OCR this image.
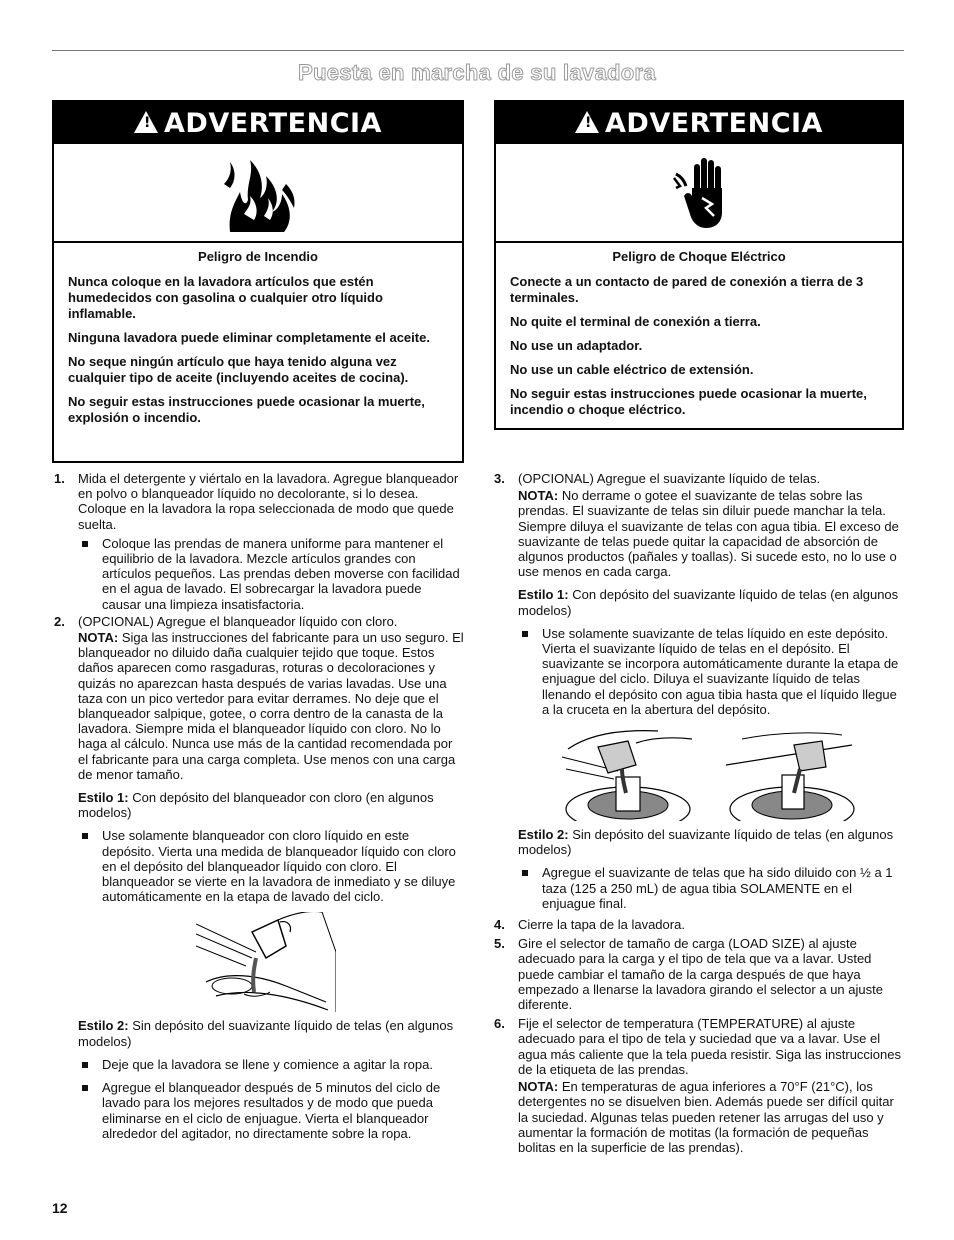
Puesta en marcha de su lavadora
! ADVERTENCIA

Peligro de Incendio

Nunca coloque en la lavadora artículos que estén humedecidos con gasolina o cualquier otro líquido inflamable.

Ninguna lavadora puede eliminar completamente el aceite.

No seque ningún artículo que haya tenido alguna vez cualquier tipo de aceite (incluyendo aceites de cocina).

No seguir estas instrucciones puede ocasionar la muerte, explosión o incendio.

! ADVERTENCIA

Peligro de Choque Eléctrico

Conecte a un contacto de pared de conexión a tierra de 3 terminales.

No quite el terminal de conexión a tierra.

No use un adaptador.

No use un cable eléctrico de extensión.

No seguir estas instrucciones puede ocasionar la muerte, incendio o choque eléctrico.

1. Mida el detergente y viértalo en la lavadora. Agregue blanqueador en polvo o blanqueador líquido no decolorante, si lo desea. Coloque en la lavadora la ropa seleccionada de modo que quede suelta.

Coloque las prendas de manera uniforme para mantener el equilibrio de la lavadora. Mezcle artículos grandes con artículos pequeños. Las prendas deben moverse con facilidad en el agua de lavado. El sobrecargar la lavadora puede causar una limpieza insatisfactoria.

2. (OPCIONAL) Agregue el blanqueador líquido con cloro.

NOTA: Siga las instrucciones del fabricante para un uso seguro. El blanqueador no diluido daña cualquier tejido que toque. Estos daños aparecen como rasgaduras, roturas o decoloraciones y quizás no aparezcan hasta después de varias lavadas. Use una taza con un pico vertedor para evitar derrames. No deje que el blanqueador salpique, gotee, o corra dentro de la canasta de la lavadora. Siempre mida el blanqueador líquido con cloro. No lo haga al cálculo. Nunca use más de la cantidad recomendada por el fabricante para una carga completa. Use menos con una carga de menor tamaño.

Estilo 1: Con depósito del blanqueador con cloro (en algunos modelos)

Use solamente blanqueador con cloro líquido en este depósito. Vierta una medida de blanqueador líquido con cloro en el depósito del blanqueador líquido con cloro. El blanqueador se vierte en la lavadora de inmediato y se diluye automáticamente en la etapa de lavado del ciclo.

Estilo 2: Sin depósito del suavizante líquido de telas (en algunos modelos)

Deje que la lavadora se llene y comience a agitar la ropa.

Agregue el blanqueador después de 5 minutos del ciclo de lavado para los mejores resultados y de modo que pueda eliminarse en el ciclo de enjuague. Vierta el blanqueador alrededor del agitador, no directamente sobre la ropa.

3. (OPCIONAL) Agregue el suavizante líquido de telas.

NOTA: No derrame o gotee el suavizante de telas sobre las prendas. El suavizante de telas sin diluir puede manchar la tela. Siempre diluya el suavizante de telas con agua tibia. El exceso de suavizante de telas puede quitar la capacidad de absorción de algunos productos (pañales y toallas). Si sucede esto, no lo use o use menos en cada carga.

Estilo 1: Con depósito del suavizante líquido de telas (en algunos modelos)

Use solamente suavizante de telas líquido en este depósito. Vierta el suavizante líquido de telas en el depósito. El suavizante se incorpora automáticamente durante la etapa de enjuague del ciclo. Diluya el suavizante líquido de telas llenando el depósito con agua tibia hasta que el líquido llegue a la cruceta en la abertura del depósito.

Estilo 2: Sin depósito del suavizante líquido de telas (en algunos modelos)

Agregue el suavizante de telas que ha sido diluido con ½ a 1 taza (125 a 250 mL) de agua tibia SOLAMENTE en el enjuague final.

4. Cierre la tapa de la lavadora.

5. Gire el selector de tamaño de carga (LOAD SIZE) al ajuste adecuado para la carga y el tipo de tela que va a lavar. Usted puede cambiar el tamaño de la carga después de que haya empezado a llenarse la lavadora girando el selector a un ajuste diferente.

6. Fije el selector de temperatura (TEMPERATURE) al ajuste adecuado para el tipo de tela y suciedad que va a lavar. Use el agua más caliente que la tela pueda resistir. Siga las instrucciones de la etiqueta de las prendas.

NOTA: En temperaturas de agua inferiores a 70°F (21°C), los detergentes no se disuelven bien. Además puede ser difícil quitar la suciedad. Algunas telas pueden retener las arrugas del uso y aumentar la formación de motitas (la formación de pequeñas bolitas en la superficie de las prendas).

12
